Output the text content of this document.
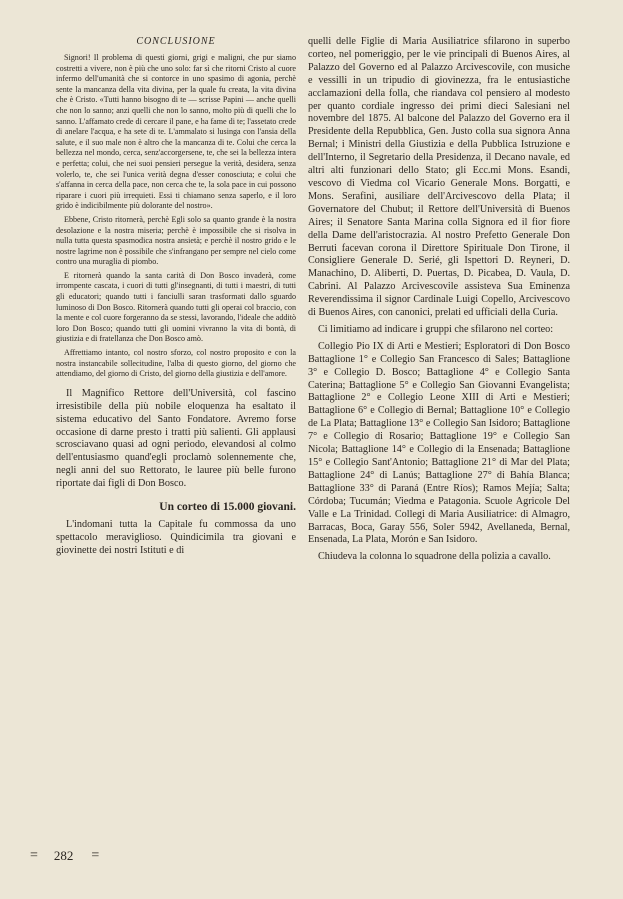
CONCLUSIONE

Signori! Il problema di questi giorni, grigi e maligni, che pur siamo costretti a vivere, non è più che uno solo: far sì che ritorni Cristo al cuore infermo dell'umanità che si contorce in uno spasimo di agonia, perchè sente la mancanza della vita divina, per la quale fu creata, la vita divina che è Cristo. «Tutti hanno bisogno di te — scrisse Papini — anche quelli che non lo sanno; anzi quelli che non lo sanno, molto più di quelli che lo sanno. L'affamato crede di cercare il pane, e ha fame di te; l'assetato crede di anelare l'acqua, e ha sete di te. L'ammalato si lusinga con l'ansia della salute, e il suo male non è altro che la mancanza di te. Colui che cerca la bellezza nel mondo, cerca, senz'accorgersene, te, che sei la bellezza intera e perfetta; colui, che nei suoi pensieri persegue la verità, desidera, senza volerlo, te, che sei l'unica verità degna d'esser conosciuta; e colui che s'affanna in cerca della pace, non cerca che te, la sola pace in cui possono riparare i cuori più irrequieti. Essi ti chiamano senza saperlo, e il loro grido è indicibilmente più dolorante del nostro».

Ebbene, Cristo ritornerà, perchè Egli solo sa quanto grande è la nostra desolazione e la nostra miseria; perchè è impossibile che si risolva in nulla tutta questa spasmodica nostra ansietà; e perchè il nostro grido e le nostre lagrime non è possibile che s'infrangano per sempre nel cielo come contro una muraglia di piombo.

E ritornerà quando la santa carità di Don Bosco invaderà, come irrompente cascata, i cuori di tutti gl'insegnanti, di tutti i maestri, di tutti gli educatori; quando tutti i fanciulli saran trasformati dallo sguardo luminoso di Don Bosco. Ritornerà quando tutti gli operai col braccio, con la mente e col cuore forgeranno da se stessi, lavorando, l'ideale che additò loro Don Bosco; quando tutti gli uomini vivranno la vita di bontà, di giustizia e di fratellanza che Don Bosco amò.

Affrettiamo intanto, col nostro sforzo, col nostro proposito e con la nostra instancabile sollecitudine, l'alba di questo giorno, del giorno che attendiamo, del giorno di Cristo, del giorno della giustizia e dell'amore.

Il Magnifico Rettore dell'Università, col fascino irresistibile della più nobile eloquenza ha esaltato il sistema educativo del Santo Fondatore. Avremo forse occasione di darne presto i tratti più salienti. Gli applausi scrosciavano quasi ad ogni periodo, elevandosi al colmo dell'entusiasmo quand'egli proclamò solennemente che, negli anni del suo Rettorato, le lauree più belle furono riportate dai figli di Don Bosco.

Un corteo di 15.000 giovani.

L'indomani tutta la Capitale fu commossa da uno spettacolo meraviglioso. Quindicimila tra giovani e giovinette dei nostri Istituti e di

quelli delle Figlie di Maria Ausiliatrice sfilarono in superbo corteo, nel pomeriggio, per le vie principali di Buenos Aires, al Palazzo del Governo ed al Palazzo Arcivescovile, con musiche e vessilli in un tripudio di giovinezza, fra le entusiastiche acclamazioni della folla, che riandava col pensiero al modesto per quanto cordiale ingresso dei primi dieci Salesiani nel novembre del 1875. Al balcone del Palazzo del Governo era il Presidente della Repubblica, Gen. Justo colla sua signora Anna Bernal; i Ministri della Giustizia e della Pubblica Istruzione e dell'Interno, il Segretario della Presidenza, il Decano navale, ed altri alti funzionari dello Stato; gli Ecc.mi Mons. Esandi, vescovo di Viedma col Vicario Generale Mons. Borgatti, e Mons. Serafini, ausiliare dell'Arcivescovo della Plata; il Governatore del Chubut; il Rettore dell'Università di Buenos Aires; il Senatore Santa Marina colla Signora ed il fior fiore della Dame dell'aristocrazia. Al nostro Prefetto Generale Don Berruti facevan corona il Direttore Spirituale Don Tirone, il Consigliere Generale D. Serié, gli Ispettori D. Reyneri, D. Manachino, D. Aliberti, D. Puertas, D. Picabea, D. Vaula, D. Cabrini. Al Palazzo Arcivescovile assisteva Sua Eminenza Reverendissima il signor Cardinale Luigi Copello, Arcivescovo di Buenos Aires, con canonici, prelati ed ufficiali della Curia.

Ci limitiamo ad indicare i gruppi che sfilarono nel corteo:

Collegio Pio IX di Arti e Mestieri; Esploratori di Don Bosco Battaglione 1° e Collegio San Francesco di Sales; Battaglione 3° e Collegio D. Bosco; Battaglione 4° e Collegio Santa Caterina; Battaglione 5° e Collegio San Giovanni Evangelista; Battaglione 2° e Collegio Leone XIII di Arti e Mestieri; Battaglione 6° e Collegio di Bernal; Battaglione 10° e Collegio de La Plata; Battaglione 13° e Collegio San Isidoro; Battaglione 7° e Collegio di Rosario; Battaglione 19° e Collegio San Nicola; Battaglione 14° e Collegio di la Ensenada; Battaglione 15° e Collegio Sant'Antonio; Battaglione 21° di Mar del Plata; Battaglione 24° di Lanús; Battaglione 27° di Bahía Blanca; Battaglione 33° di Paraná (Entre Ríos); Ramos Mejía; Salta; Córdoba; Tucumán; Viedma e Patagonia. Scuole Agricole Del Valle e La Trinidad. Collegi di Maria Ausiliatrice: di Almagro, Barracas, Boca, Garay 556, Soler 5942, Avellaneda, Bernal, Ensenada, La Plata, Morón e San Isidoro.

Chiudeva la colonna lo squadrone della polizia a cavallo.

= 282 =
